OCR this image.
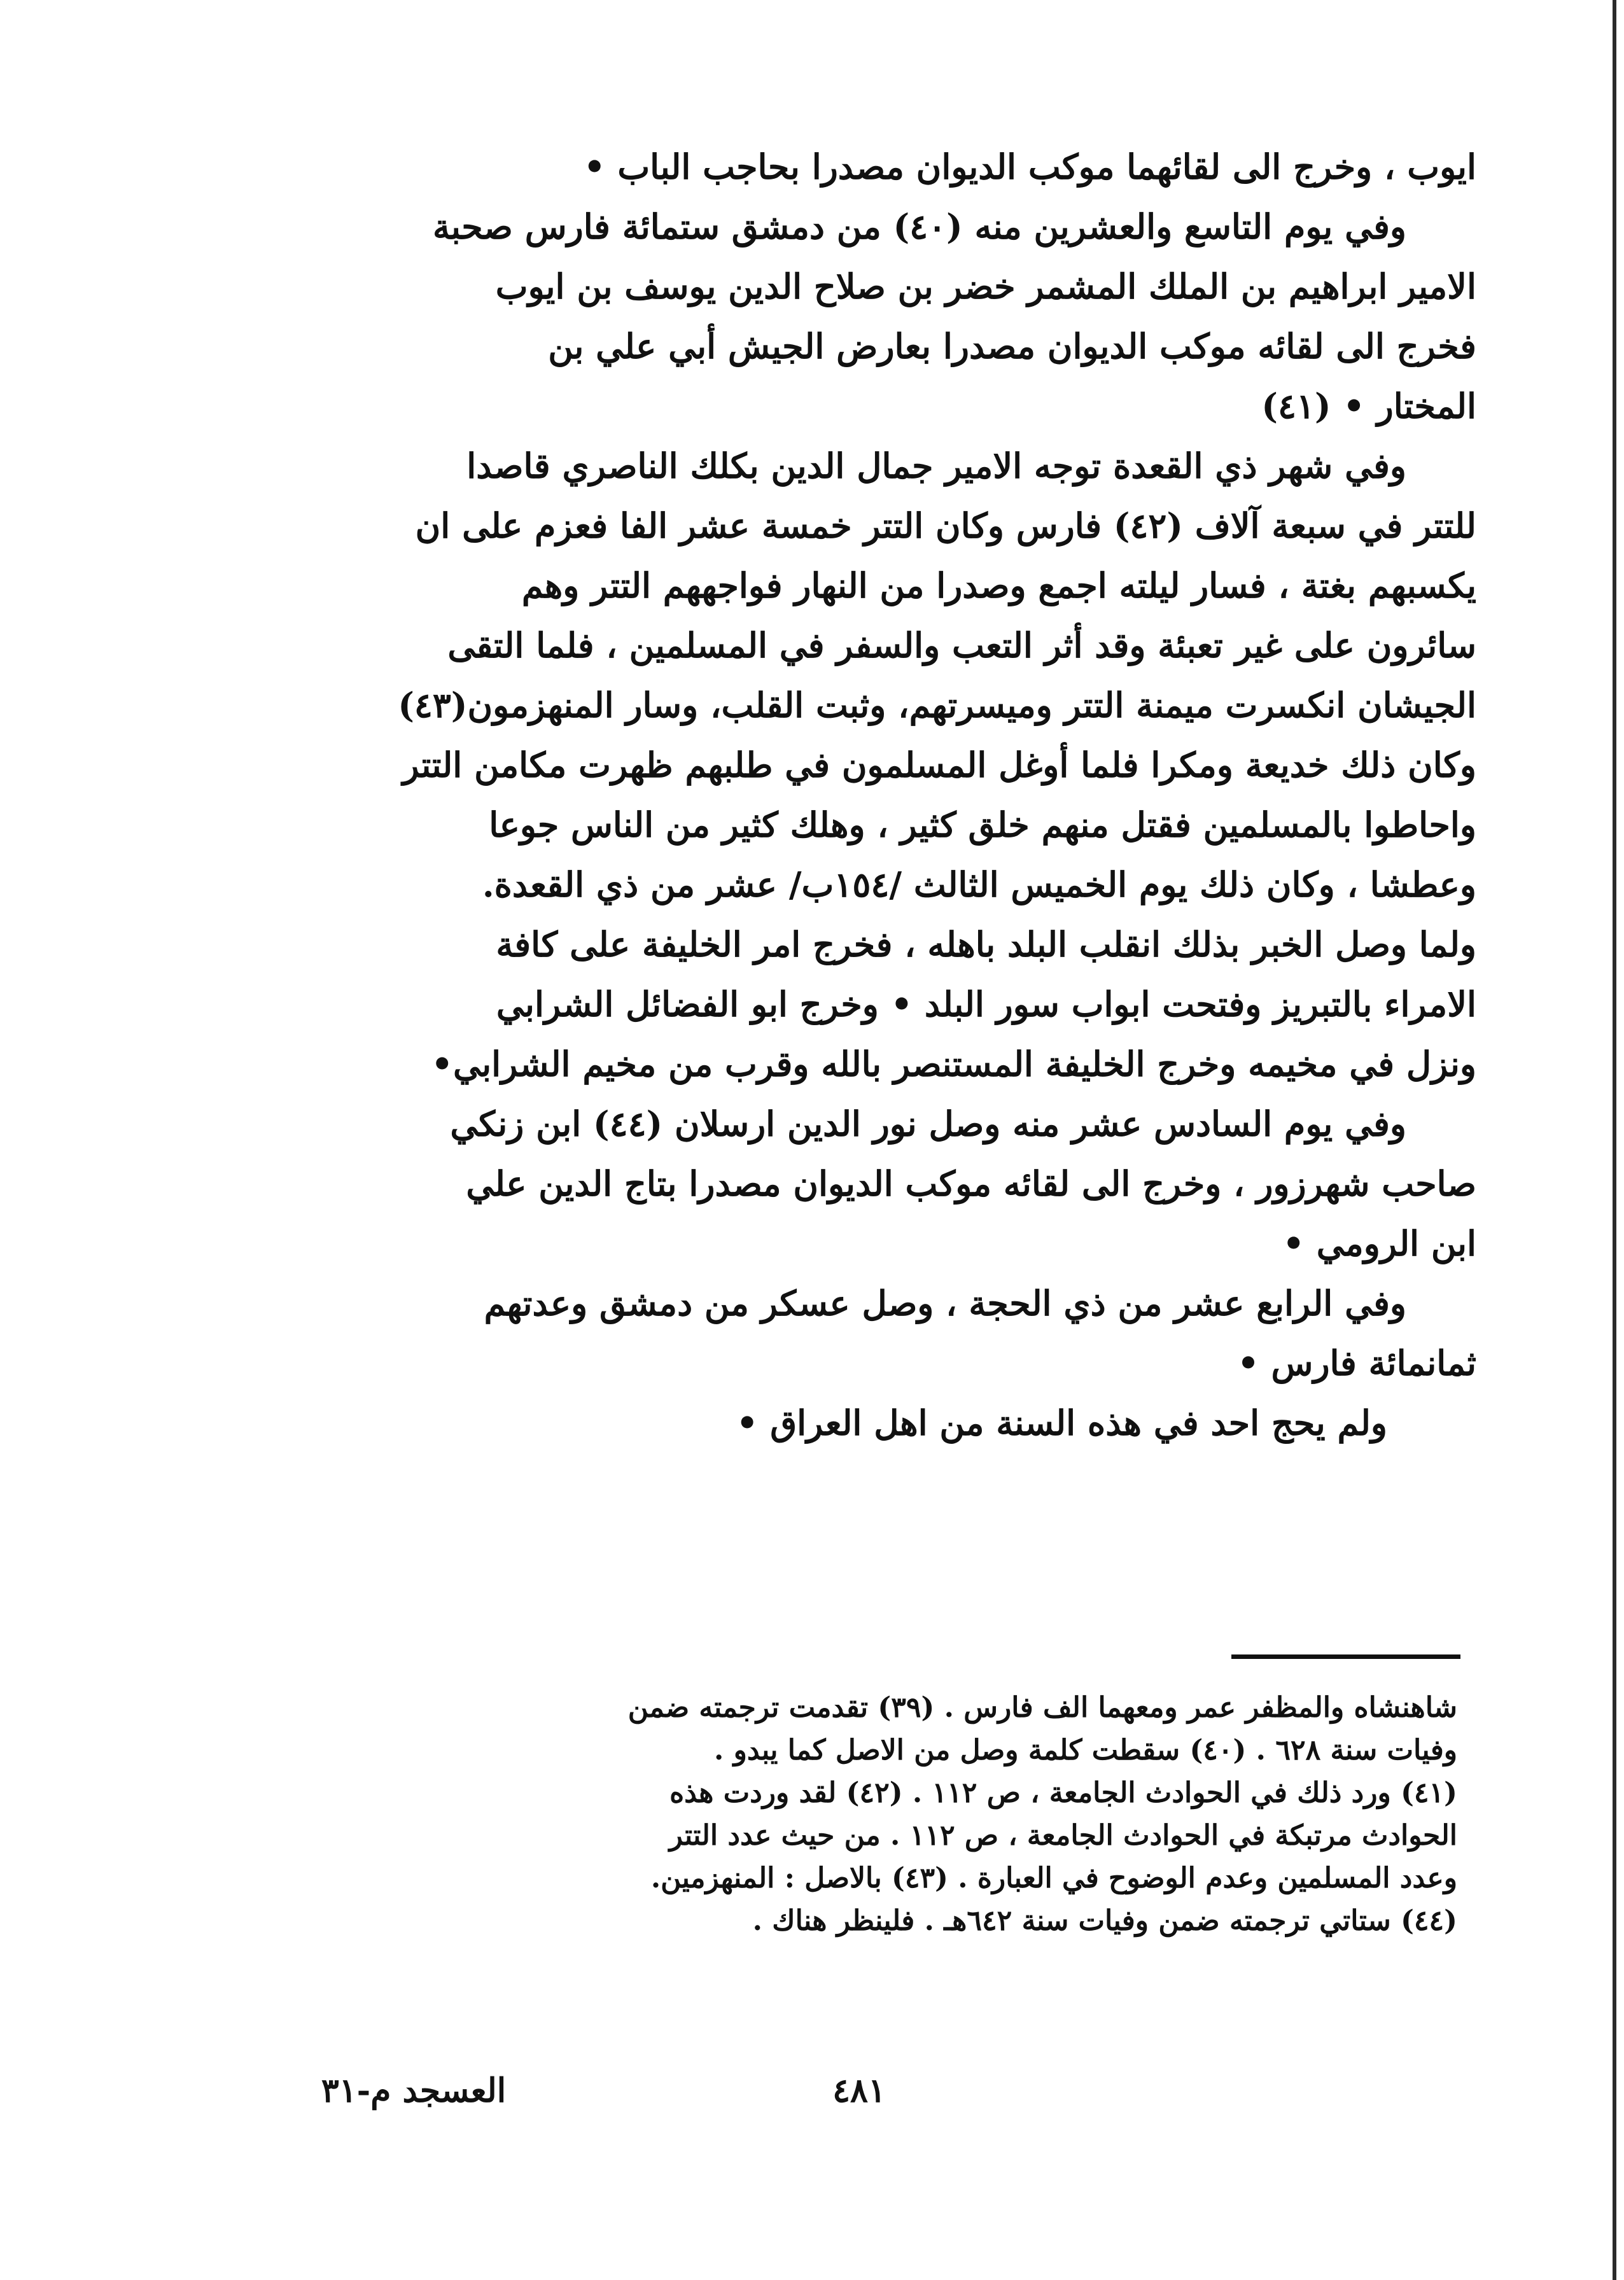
ايوب ، وخرج الى لقائهما موكب الديوان مصدرا بحاجب الباب •
وفي يوم التاسع والعشرين منه (٤٠) من دمشق ستمائة فارس صحبة
الامير ابراهيم بن الملك المشمر خضر بن صلاح الدين يوسف بن ايوب
فخرج الى لقائه موكب الديوان مصدرا بعارض الجيش أبي علي بن
المختار • (٤١)
وفي شهر ذي القعدة توجه الامير جمال الدين بكلك الناصري قاصدا
للتتر في سبعة آلاف (٤٢) فارس وكان التتر خمسة عشر الفا فعزم على ان
يكسبهم بغتة ، فسار ليلته اجمع وصدرا من النهار فواجههم التتر وهم
سائرون على غير تعبئة وقد أثر التعب والسفر في المسلمين ، فلما التقى
الجيشان انكسرت ميمنة التتر وميسرتهم، وثبت القلب، وسار المنهزمون(٤٣)
وكان ذلك خديعة ومكرا فلما أوغل المسلمون في طلبهم ظهرت مكامن التتر
واحاطوا بالمسلمين فقتل منهم خلق كثير ، وهلك كثير من الناس جوعا
وعطشا ، وكان ذلك يوم الخميس الثالث /١٥٤ب/ عشر من ذي القعدة.
ولما وصل الخبر بذلك انقلب البلد باهله ، فخرج امر الخليفة على كافة
الامراء بالتبريز وفتحت ابواب سور البلد • وخرج ابو الفضائل الشرابي
ونزل في مخيمه وخرج الخليفة المستنصر بالله وقرب من مخيم الشرابي•
وفي يوم السادس عشر منه وصل نور الدين ارسلان (٤٤) ابن زنكي
صاحب شهرزور ، وخرج الى لقائه موكب الديوان مصدرا بتاج الدين علي
ابن الرومي •
وفي الرابع عشر من ذي الحجة ، وصل عسكر من دمشق وعدتهم
ثمانمائة فارس •
ولم يحج احد في هذه السنة من اهل العراق •
شاهنشاه والمظفر عمر ومعهما الف فارس . (٣٩) تقدمت ترجمته ضمن
وفيات سنة ٦٢٨ . (٤٠) سقطت كلمة وصل من الاصل كما يبدو .
(٤١) ورد ذلك في الحوادث الجامعة ، ص ١١٢ . (٤٢) لقد وردت هذه
الحوادث مرتبكة في الحوادث الجامعة ، ص ١١٢ . من حيث عدد التتر
وعدد المسلمين وعدم الوضوح في العبارة . (٤٣) بالاصل : المنهزمين.
(٤٤) ستاتي ترجمته ضمن وفيات سنة ٦٤٢هـ . فلينظر هناك .
٤٨١
العسجد م-٣١
